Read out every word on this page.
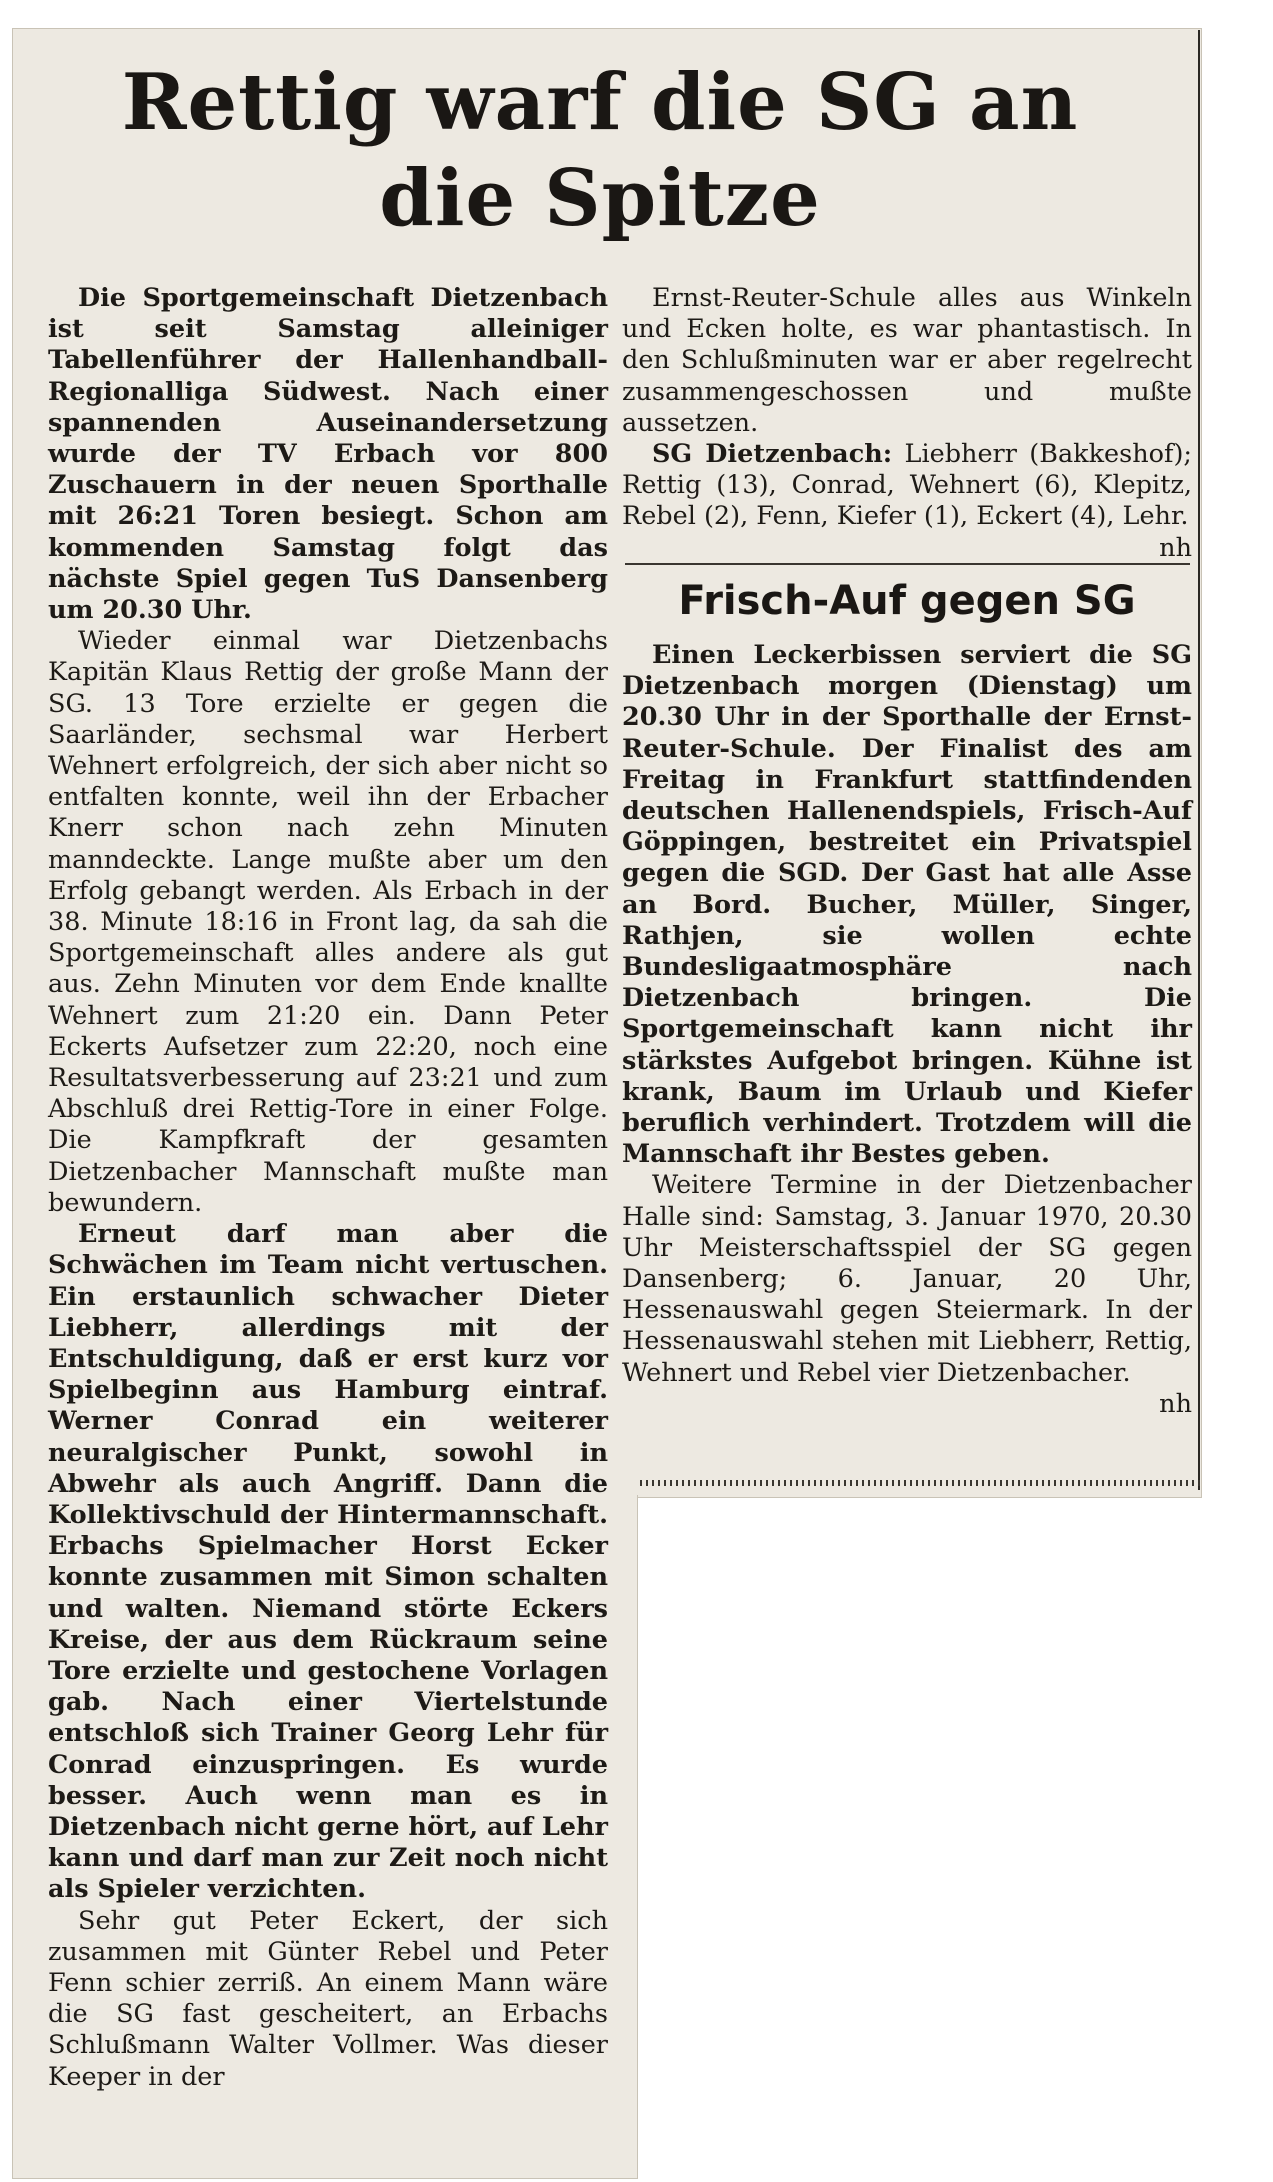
Rettig warf die SG an die Spitze

Die Sportgemeinschaft Dietzenbach ist seit Samstag alleiniger Tabellenführer der Hallenhandball-Regionalliga Südwest. Nach einer spannenden Auseinandersetzung wurde der TV Erbach vor 800 Zuschauern in der neuen Sporthalle mit 26:21 Toren besiegt. Schon am kommenden Samstag folgt das nächste Spiel gegen TuS Dansenberg um 20.30 Uhr.

Wieder einmal war Dietzenbachs Kapitän Klaus Rettig der große Mann der SG. 13 Tore erzielte er gegen die Saarländer, sechsmal war Herbert Wehnert erfolgreich, der sich aber nicht so entfalten konnte, weil ihn der Erbacher Knerr schon nach zehn Minuten manndeckte. Lange mußte aber um den Erfolg gebangt werden. Als Erbach in der 38. Minute 18:16 in Front lag, da sah die Sportgemeinschaft alles andere als gut aus. Zehn Minuten vor dem Ende knallte Wehnert zum 21:20 ein. Dann Peter Eckerts Aufsetzer zum 22:20, noch eine Resultatsverbesserung auf 23:21 und zum Abschluß drei Rettig-Tore in einer Folge. Die Kampfkraft der gesamten Dietzenbacher Mannschaft mußte man bewundern.

Erneut darf man aber die Schwächen im Team nicht vertuschen. Ein erstaunlich schwacher Dieter Liebherr, allerdings mit der Entschuldigung, daß er erst kurz vor Spielbeginn aus Hamburg eintraf. Werner Conrad ein weiterer neuralgischer Punkt, sowohl in Abwehr als auch Angriff. Dann die Kollektivschuld der Hintermannschaft. Erbachs Spielmacher Horst Ecker konnte zusammen mit Simon schalten und walten. Niemand störte Eckers Kreise, der aus dem Rückraum seine Tore erzielte und gestochene Vorlagen gab. Nach einer Viertelstunde entschloß sich Trainer Georg Lehr für Conrad einzuspringen. Es wurde besser. Auch wenn man es in Dietzenbach nicht gerne hört, auf Lehr kann und darf man zur Zeit noch nicht als Spieler verzichten.

Sehr gut Peter Eckert, der sich zusammen mit Günter Rebel und Peter Fenn schier zerriß. An einem Mann wäre die SG fast gescheitert, an Erbachs Schlußmann Walter Vollmer. Was dieser Keeper in der

Ernst-Reuter-Schule alles aus Winkeln und Ecken holte, es war phantastisch. In den Schlußminuten war er aber regelrecht zusammengeschossen und mußte aussetzen.

SG Dietzenbach: Liebherr (Bakkeshof); Rettig (13), Conrad, Wehnert (6), Klepitz, Rebel (2), Fenn, Kiefer (1), Eckert (4), Lehr.

nh

Frisch-Auf gegen SG

Einen Leckerbissen serviert die SG Dietzenbach morgen (Dienstag) um 20.30 Uhr in der Sporthalle der Ernst-Reuter-Schule. Der Finalist des am Freitag in Frankfurt stattfindenden deutschen Hallenendspiels, Frisch-Auf Göppingen, bestreitet ein Privatspiel gegen die SGD. Der Gast hat alle Asse an Bord. Bucher, Müller, Singer, Rathjen, sie wollen echte Bundesligaatmosphäre nach Dietzenbach bringen. Die Sportgemeinschaft kann nicht ihr stärkstes Aufgebot bringen. Kühne ist krank, Baum im Urlaub und Kiefer beruflich verhindert. Trotzdem will die Mannschaft ihr Bestes geben.

Weitere Termine in der Dietzenbacher Halle sind: Samstag, 3. Januar 1970, 20.30 Uhr Meisterschaftsspiel der SG gegen Dansenberg; 6. Januar, 20 Uhr, Hessenauswahl gegen Steiermark. In der Hessenauswahl stehen mit Liebherr, Rettig, Wehnert und Rebel vier Dietzenbacher.

nh
